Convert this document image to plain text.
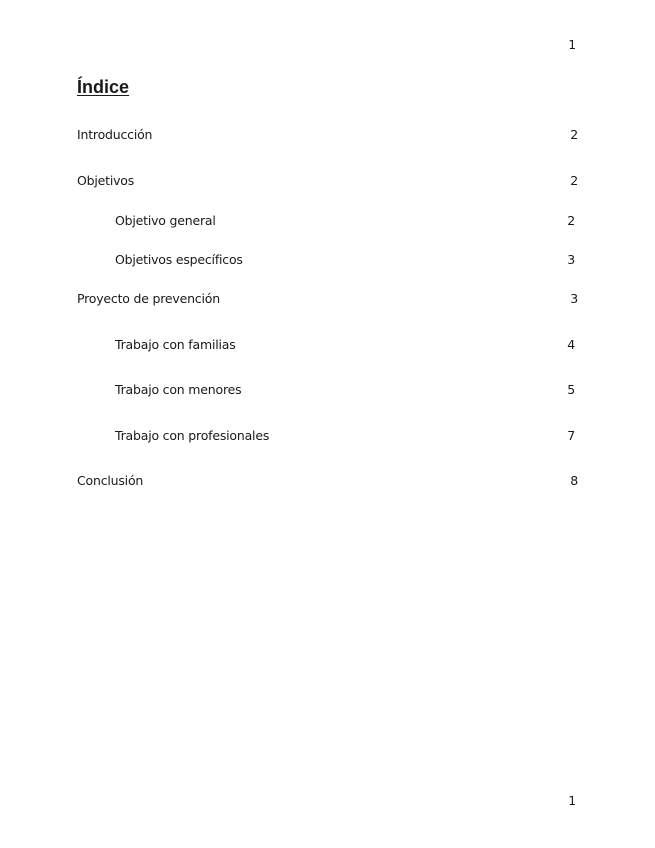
1
Índice
Introducción	2
Objetivos	2
Objetivo general	2
Objetivos específicos	3
Proyecto de prevención	3
Trabajo con familias	4
Trabajo con menores	5
Trabajo con profesionales	7
Conclusión	8
1
